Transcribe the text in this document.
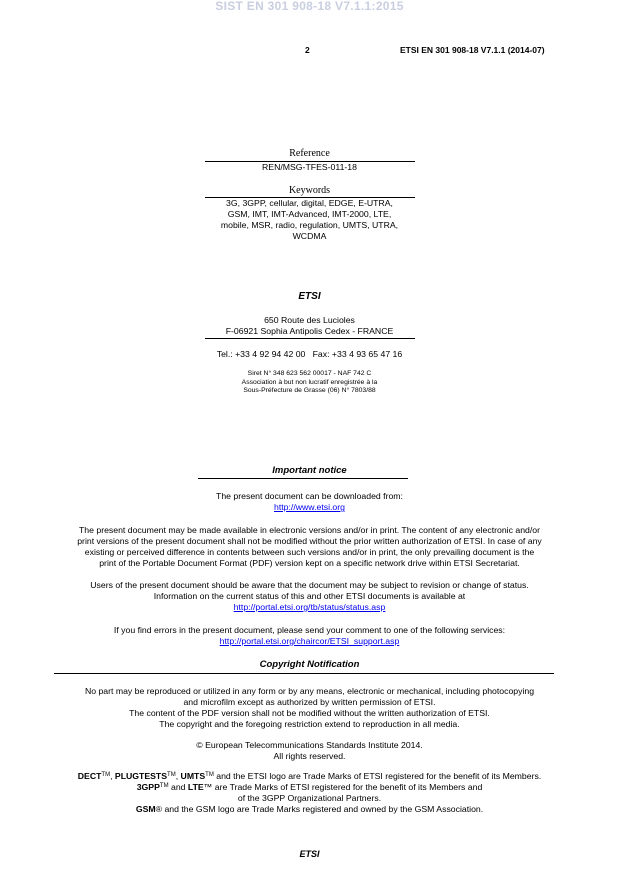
SIST EN 301 908-18 V7.1.1:2015
2	ETSI EN 301 908-18 V7.1.1 (2014-07)
Reference
REN/MSG-TFES-011-18
Keywords
3G, 3GPP, cellular, digital, EDGE, E-UTRA,
GSM, IMT, IMT-Advanced, IMT-2000, LTE,
mobile, MSR, radio, regulation, UMTS, UTRA,
WCDMA
ETSI
650 Route des Lucioles
F-06921 Sophia Antipolis Cedex - FRANCE
Tel.: +33 4 92 94 42 00   Fax: +33 4 93 65 47 16
Siret N° 348 623 562 00017 - NAF 742 C
Association à but non lucratif enregistrée à la
Sous-Préfecture de Grasse (06) N° 7803/88
Important notice
The present document can be downloaded from:
http://www.etsi.org
The present document may be made available in electronic versions and/or in print. The content of any electronic and/or
print versions of the present document shall not be modified without the prior written authorization of ETSI. In case of any
existing or perceived difference in contents between such versions and/or in print, the only prevailing document is the
print of the Portable Document Format (PDF) version kept on a specific network drive within ETSI Secretariat.
Users of the present document should be aware that the document may be subject to revision or change of status.
Information on the current status of this and other ETSI documents is available at
http://portal.etsi.org/tb/status/status.asp
If you find errors in the present document, please send your comment to one of the following services:
http://portal.etsi.org/chaircor/ETSI_support.asp
Copyright Notification
No part may be reproduced or utilized in any form or by any means, electronic or mechanical, including photocopying
and microfilm except as authorized by written permission of ETSI.
The content of the PDF version shall not be modified without the written authorization of ETSI.
The copyright and the foregoing restriction extend to reproduction in all media.
© European Telecommunications Standards Institute 2014.
All rights reserved.
DECT™, PLUGTESTS™, UMTS™ and the ETSI logo are Trade Marks of ETSI registered for the benefit of its Members.
3GPP™ and LTE™ are Trade Marks of ETSI registered for the benefit of its Members and
of the 3GPP Organizational Partners.
GSM® and the GSM logo are Trade Marks registered and owned by the GSM Association.
ETSI
